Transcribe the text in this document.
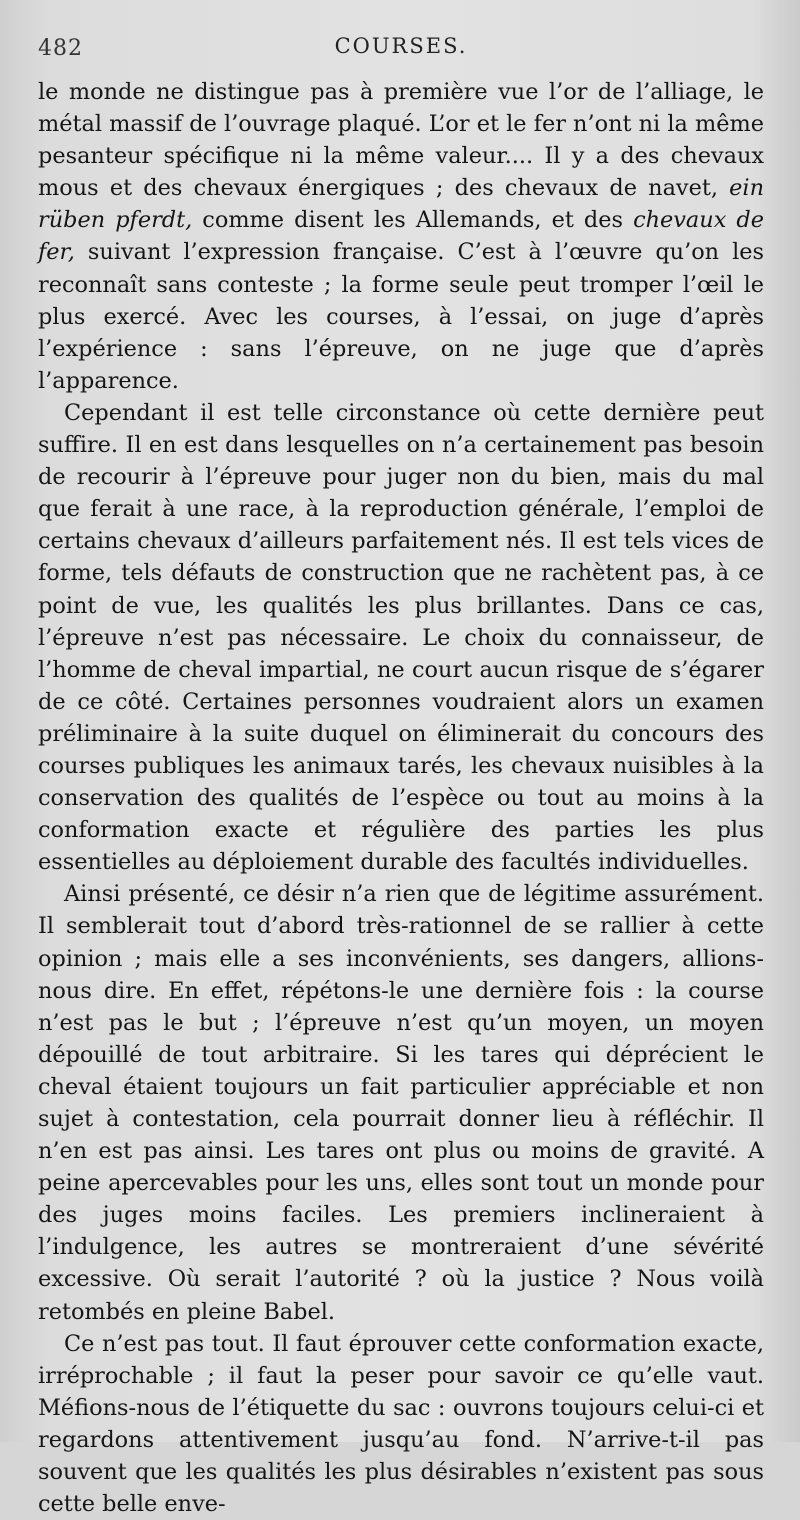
482	COURSES.

le monde ne distingue pas à première vue l’or de l’alliage, le métal massif de l’ouvrage plaqué. L’or et le fer n’ont ni la même pesanteur spécifique ni la même valeur.... Il y a des chevaux mous et des chevaux énergiques ; des chevaux de navet, ein rüben pferdt, comme disent les Allemands, et des chevaux de fer, suivant l’expression française. C’est à l’œuvre qu’on les reconnaît sans conteste ; la forme seule peut tromper l’œil le plus exercé. Avec les courses, à l’essai, on juge d’après l’expérience : sans l’épreuve, on ne juge que d’après l’apparence.

Cependant il est telle circonstance où cette dernière peut suffire. Il en est dans lesquelles on n’a certainement pas besoin de recourir à l’épreuve pour juger non du bien, mais du mal que ferait à une race, à la reproduction générale, l’emploi de certains chevaux d’ailleurs parfaitement nés. Il est tels vices de forme, tels défauts de construction que ne rachètent pas, à ce point de vue, les qualités les plus brillantes. Dans ce cas, l’épreuve n’est pas nécessaire. Le choix du connaisseur, de l’homme de cheval impartial, ne court aucun risque de s’égarer de ce côté. Certaines personnes voudraient alors un examen préliminaire à la suite duquel on éliminerait du concours des courses publiques les animaux tarés, les chevaux nuisibles à la conservation des qualités de l’espèce ou tout au moins à la conformation exacte et régulière des parties les plus essentielles au déploiement durable des facultés individuelles.

Ainsi présenté, ce désir n’a rien que de légitime assurément. Il semblerait tout d’abord très-rationnel de se rallier à cette opinion ; mais elle a ses inconvénients, ses dangers, allions-nous dire. En effet, répétons-le une dernière fois : la course n’est pas le but ; l’épreuve n’est qu’un moyen, un moyen dépouillé de tout arbitraire. Si les tares qui déprécient le cheval étaient toujours un fait particulier appréciable et non sujet à contestation, cela pourrait donner lieu à réfléchir. Il n’en est pas ainsi. Les tares ont plus ou moins de gravité. A peine apercevables pour les uns, elles sont tout un monde pour des juges moins faciles. Les premiers inclineraient à l’indulgence, les autres se montreraient d’une sévérité excessive. Où serait l’autorité ? où la justice ? Nous voilà retombés en pleine Babel.

Ce n’est pas tout. Il faut éprouver cette conformation exacte, irréprochable ; il faut la peser pour savoir ce qu’elle vaut. Méfions-nous de l’étiquette du sac : ouvrons toujours celui-ci et regardons attentivement jusqu’au fond. N’arrive-t-il pas souvent que les qualités les plus désirables n’existent pas sous cette belle enve-
